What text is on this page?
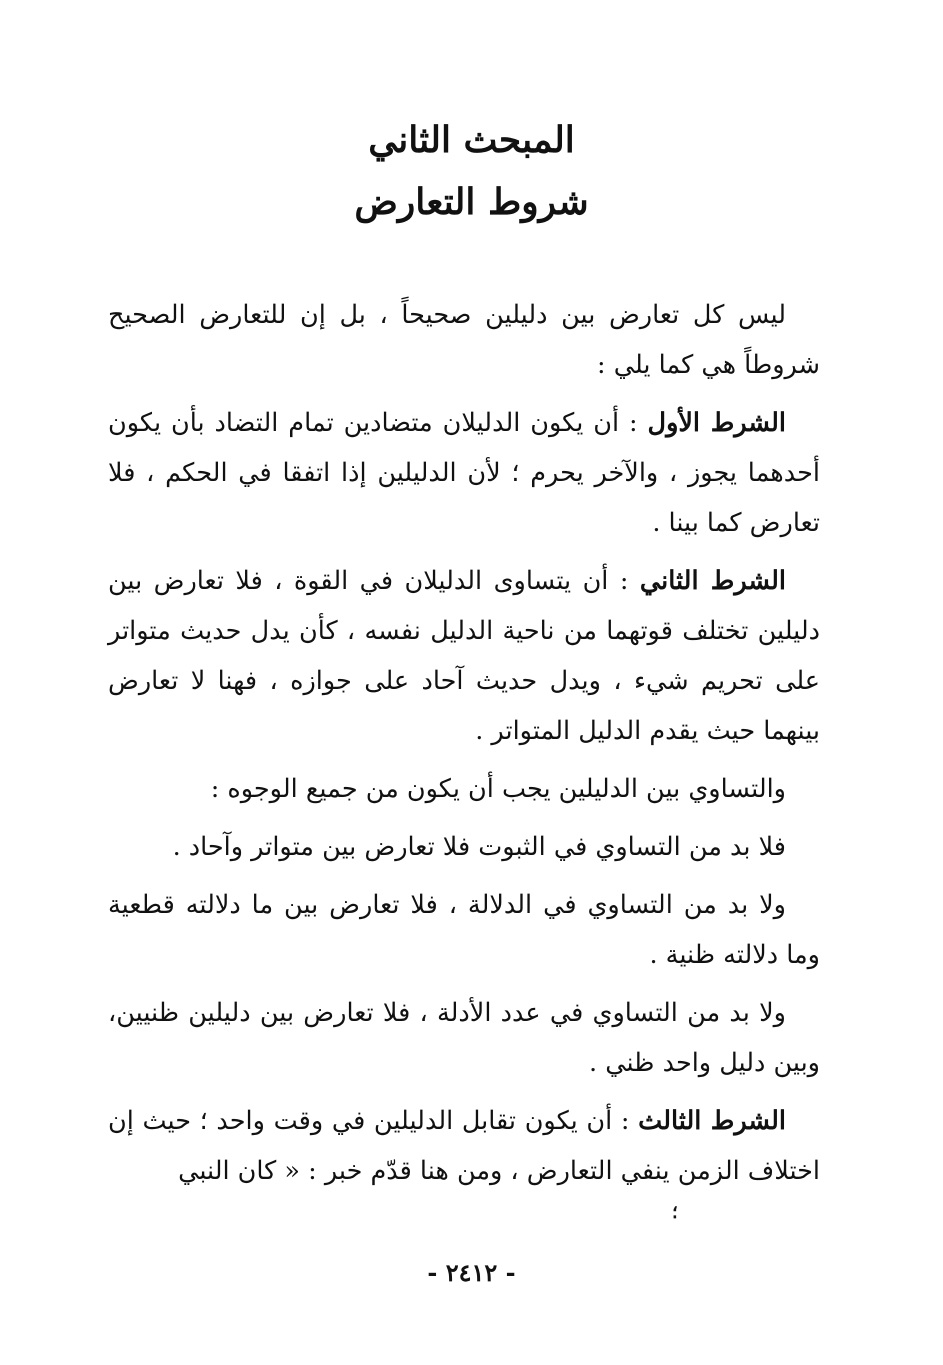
المبحث الثاني
شروط التعارض

ليس كل تعارض بين دليلين صحيحاً ، بل إن للتعارض الصحيح شروطاً هي كما يلي :

الشرط الأول : أن يكون الدليلان متضادين تمام التضاد بأن يكون أحدهما يجوز ، والآخر يحرم ؛ لأن الدليلين إذا اتفقا في الحكم ، فلا تعارض كما بينا .

الشرط الثاني : أن يتساوى الدليلان في القوة ، فلا تعارض بين دليلين تختلف قوتهما من ناحية الدليل نفسه ، كأن يدل حديث متواتر على تحريم شيء ، ويدل حديث آحاد على جوازه ، فهنا لا تعارض بينهما حيث يقدم الدليل المتواتر .

والتساوي بين الدليلين يجب أن يكون من جميع الوجوه :

فلا بد من التساوي في الثبوت فلا تعارض بين متواتر وآحاد .

ولا بد من التساوي في الدلالة ، فلا تعارض بين ما دلالته قطعية وما دلالته ظنية .

ولا بد من التساوي في عدد الأدلة ، فلا تعارض بين دليلين ظنيين، وبين دليل واحد ظني .

الشرط الثالث : أن يكون تقابل الدليلين في وقت واحد ؛ حيث إن اختلاف الزمن ينفي التعارض ، ومن هنا قدّم خبر : « كان النبي

؛
- ٢٤١٢ -
